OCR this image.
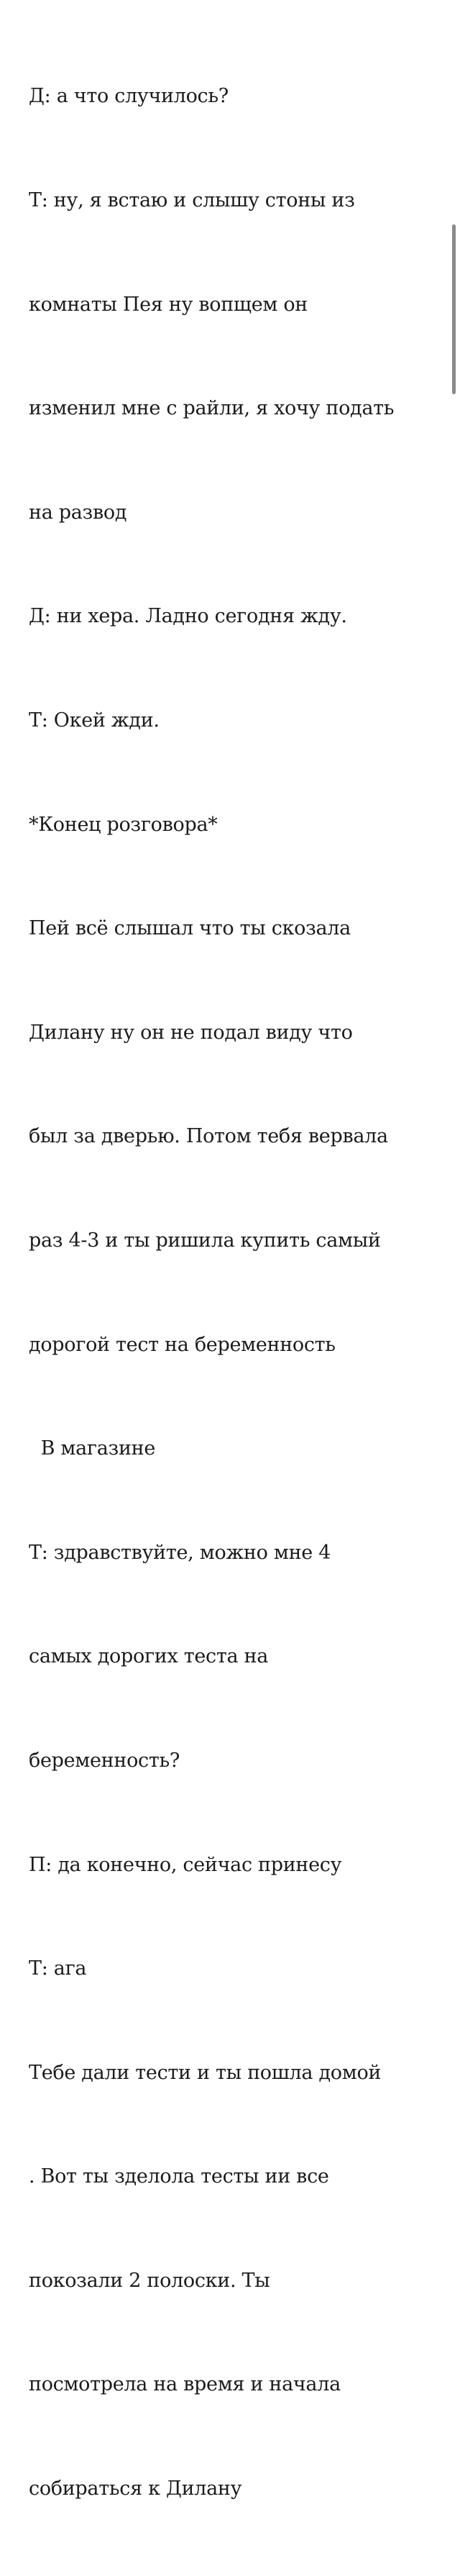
Д: а что случилось?

Т: ну, я встаю и слышу стоны из

комнаты Пея ну вопщем он

изменил мне с райли, я хочу подать

на развод

Д: ни хера. Ладно сегодня жду.

Т: Окей жди.

*Конец розговора*

Пей всё слышал что ты скозала

Дилану ну он не подал виду что

был за дверью. Потом тебя вервала

раз 4-3 и ты ришила купить самый

дорогой тест на беременность

В магазине

Т: здравствуйте, можно мне 4

самых дорогих теста на

беременность?

П: да конечно, сейчас принесу

Т: ага

Тебе дали тести и ты пошла домой

. Вот ты зделола тесты ии все

покозали 2 полоски. Ты

посмотрела на время и начала

собираться к Дилану
